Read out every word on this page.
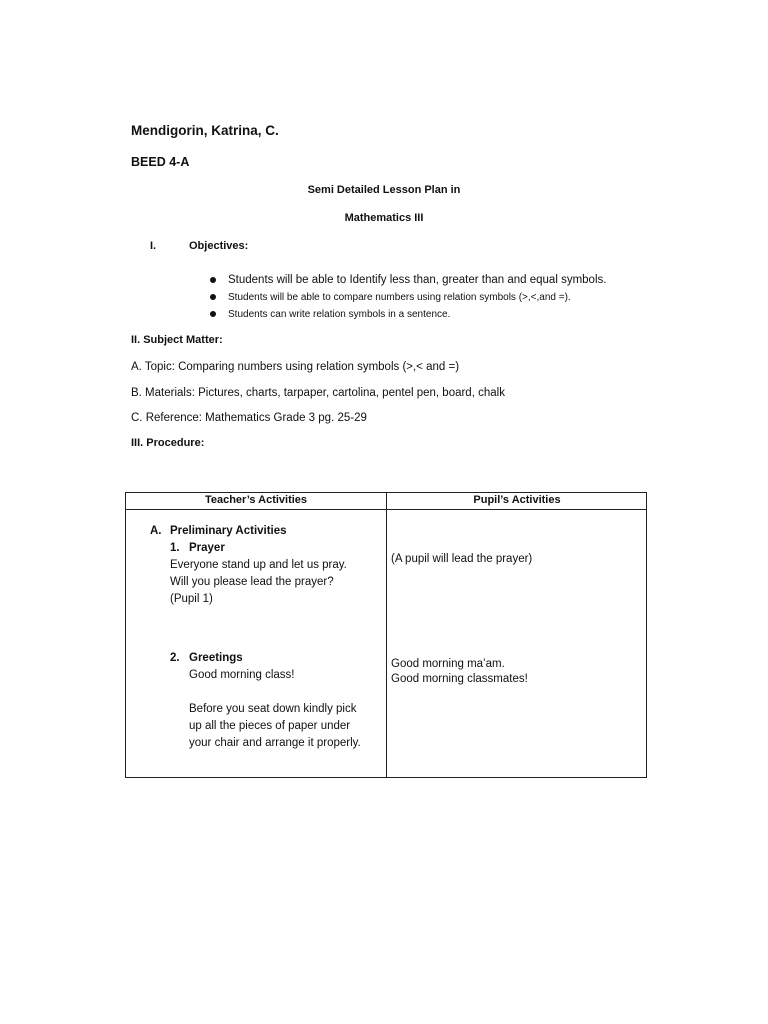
Mendigorin, Katrina, C.
BEED 4-A
Semi Detailed Lesson Plan in
Mathematics III
I.	Objectives:
Students will be able to Identify less than, greater than and equal symbols.
Students will be able to compare numbers using relation symbols (>,<,and =).
Students can write relation symbols in a sentence.
II. Subject Matter:
A. Topic: Comparing numbers using relation symbols (>,< and =)
B. Materials: Pictures, charts, tarpaper, cartolina, pentel pen, board, chalk
C. Reference: Mathematics Grade 3 pg. 25-29
III. Procedure:
Teacher’s Activities	Pupil’s Activities
A. Preliminary Activities
1. Prayer
Everyone stand up and let us pray.
Will you please lead the prayer?
(Pupil 1)
2. Greetings
Good morning class!
Before you seat down kindly pick
up all the pieces of paper under
your chair and arrange it properly.
(A pupil will lead the prayer)
Good morning ma’am.
Good morning classmates!
